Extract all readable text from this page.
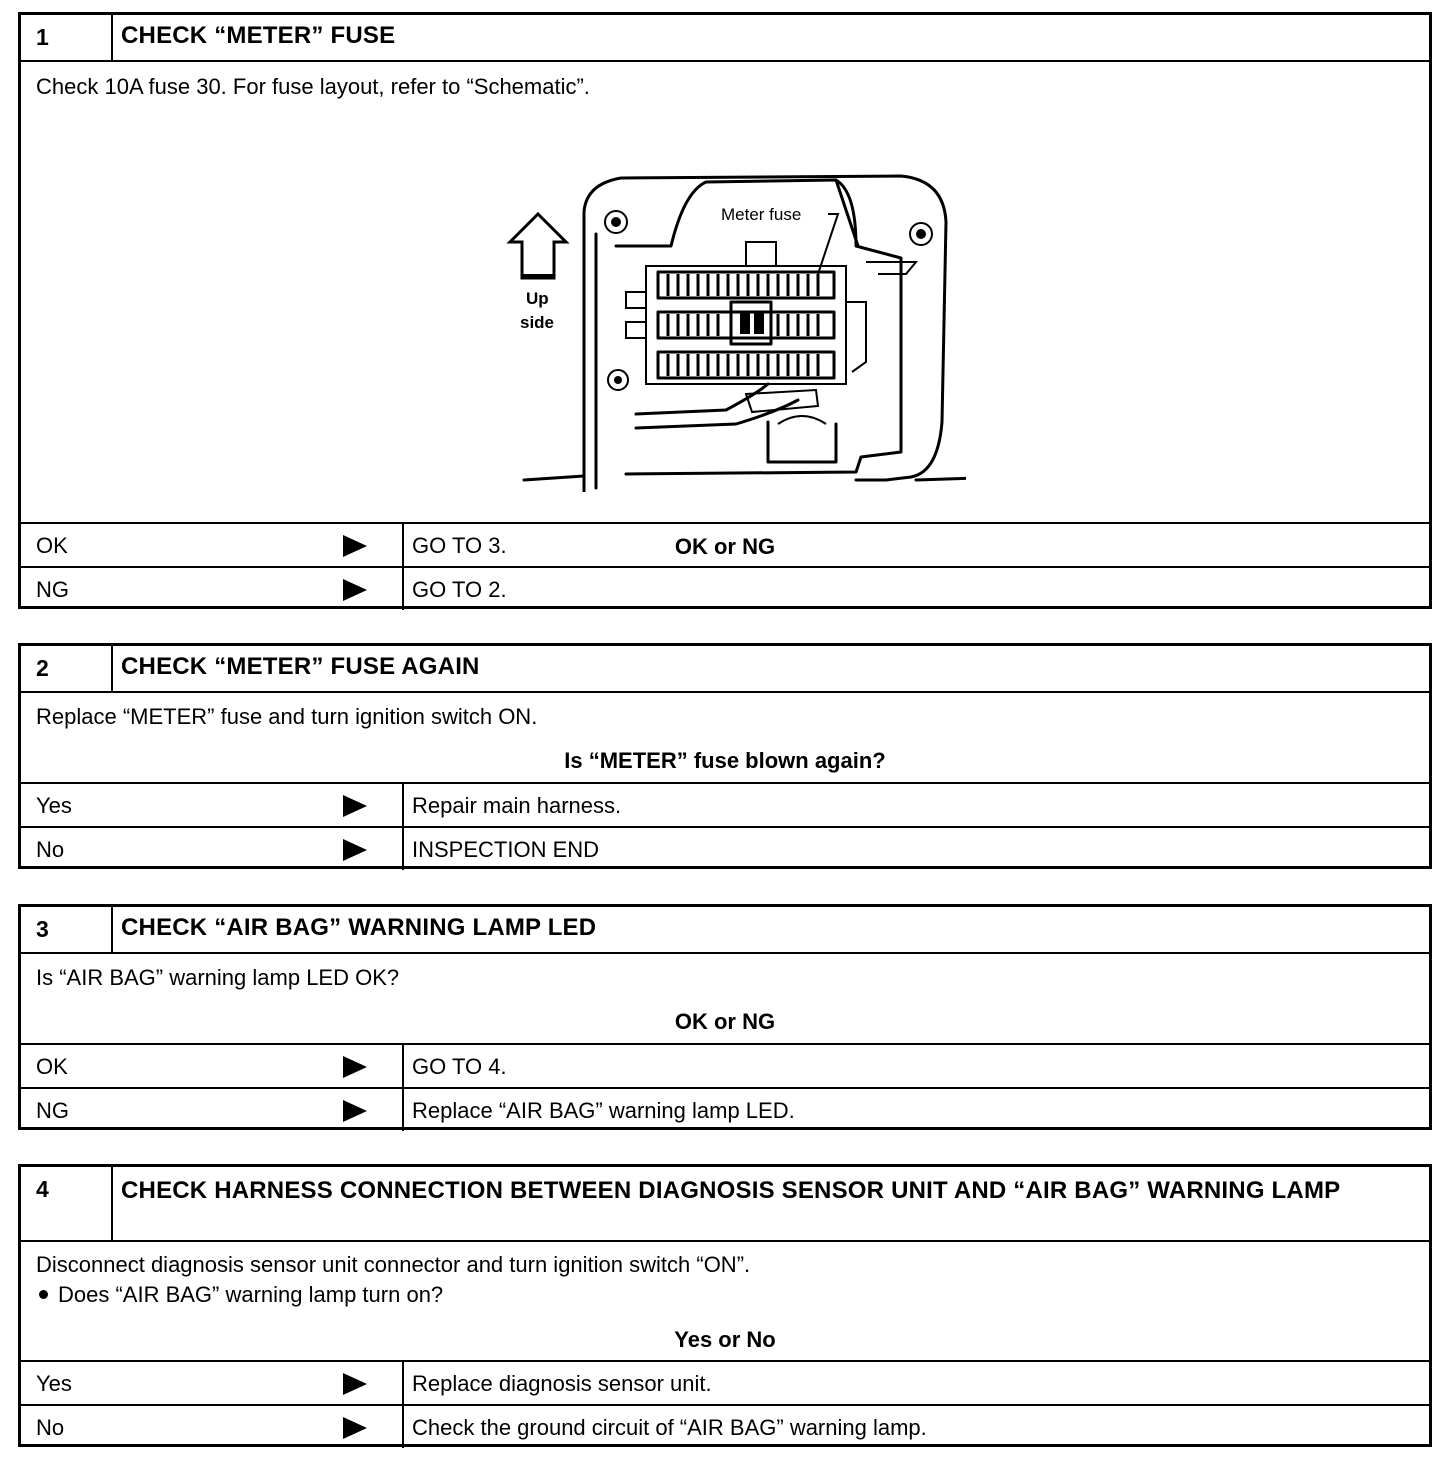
1	CHECK “METER” FUSE
Check 10A fuse 30. For fuse layout, refer to “Schematic”.
Up
side
Meter fuse
OK or NG
OK	GO TO 3.
NG	GO TO 2.
2	CHECK “METER” FUSE AGAIN
Replace “METER” fuse and turn ignition switch ON.
Is “METER” fuse blown again?
Yes	Repair main harness.
No	INSPECTION END
3	CHECK “AIR BAG” WARNING LAMP LED
Is “AIR BAG” warning lamp LED OK?
OK or NG
OK	GO TO 4.
NG	Replace “AIR BAG” warning lamp LED.
4	CHECK HARNESS CONNECTION BETWEEN DIAGNOSIS SENSOR UNIT AND “AIR BAG” WARNING LAMP
Disconnect diagnosis sensor unit connector and turn ignition switch “ON”.
Does “AIR BAG” warning lamp turn on?
Yes or No
Yes	Replace diagnosis sensor unit.
No	Check the ground circuit of “AIR BAG” warning lamp.
